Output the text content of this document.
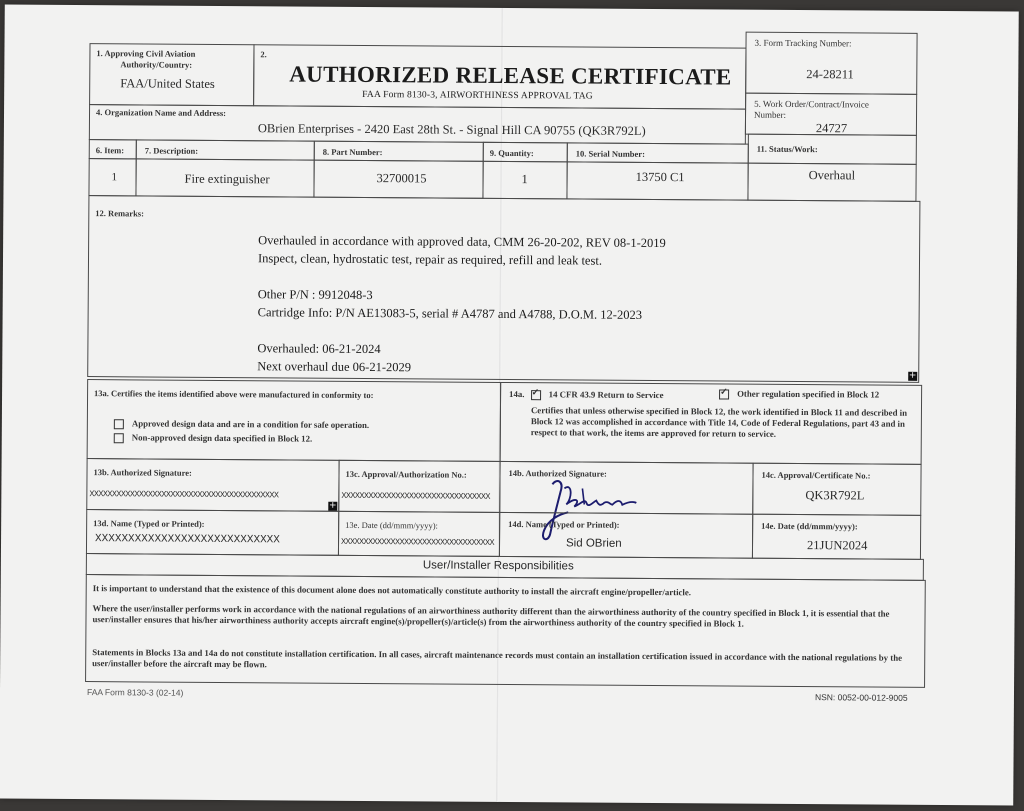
1. Approving Civil Aviation
Authority/Country:
FAA/United States
2.
AUTHORIZED RELEASE CERTIFICATE
FAA Form 8130-3, AIRWORTHINESS APPROVAL TAG
3. Form Tracking Number:
24-28211
4. Organization Name and Address:
OBrien Enterprises - 2420 East 28th St. - Signal Hill CA 90755 (QK3R792L)
5. Work Order/Contract/Invoice
Number:
24727
6. Item: 7. Description:	8. Part Number:	9. Quantity:	10. Serial Number:	11. Status/Work:
1	Fire extinguisher	32700015	1	13750 C1	Overhaul
12. Remarks:
Overhauled in accordance with approved data, CMM 26-20-202, REV 08-1-2019
Inspect, clean, hydrostatic test, repair as required, refill and leak test.
Other P/N : 9912048-3
Cartridge Info: P/N AE13083-5, serial # A4787 and A4788, D.O.M. 12-2023
Overhauled: 06-21-2024
Next overhaul due 06-21-2029
+
13a. Certifies the items identified above were manufactured in conformity to:
Approved design data and are in a condition for safe operation.
Non-approved design data specified in Block 12.
14a. ✓	14 CFR 43.9 Return to Service ✓	Other regulation specified in Block 12
Certifies that unless otherwise specified in Block 12, the work identified in Block 11 and described in Block 12 was accomplished in accordance with Title 14, Code of Federal Regulations, part 43 and in respect to that work, the items are approved for return to service.
13b. Authorized Signature:
XXXXXXXXXXXXXXXXXXXXXXXXXXXXXXXXXXXXXXXXXX
+
13c. Approval/Authorization No.:
XXXXXXXXXXXXXXXXXXXXXXXXXXXXXXXXX
14b. Authorized Signature:	14c. Approval/Certificate No.:
QK3R792L
13d. Name (Typed or Printed):
XXXXXXXXXXXXXXXXXXXXXXXXXXXX
13e. Date (dd/mmm/yyyy):
XXXXXXXXXXXXXXXXXXXXXXXXXXXXXXXXXX
14d. Name (Typed or Printed):
Sid OBrien
14e. Date (dd/mmm/yyyy):
21JUN2024
User/Installer Responsibilities
It is important to understand that the existence of this document alone does not automatically constitute authority to install the aircraft engine/propeller/article.
Where the user/installer performs work in accordance with the national regulations of an airworthiness authority different than the airworthiness authority of the country specified in Block 1, it is essential that the user/installer ensures that his/her airworthiness authority accepts aircraft engine(s)/propeller(s)/article(s) from the airworthiness authority of the country specified in Block 1.
Statements in Blocks 13a and 14a do not constitute installation certification. In all cases, aircraft maintenance records must contain an installation certification issued in accordance with the national regulations by the user/installer before the aircraft may be flown.
FAA Form 8130-3 (02-14)	NSN: 0052-00-012-9005
